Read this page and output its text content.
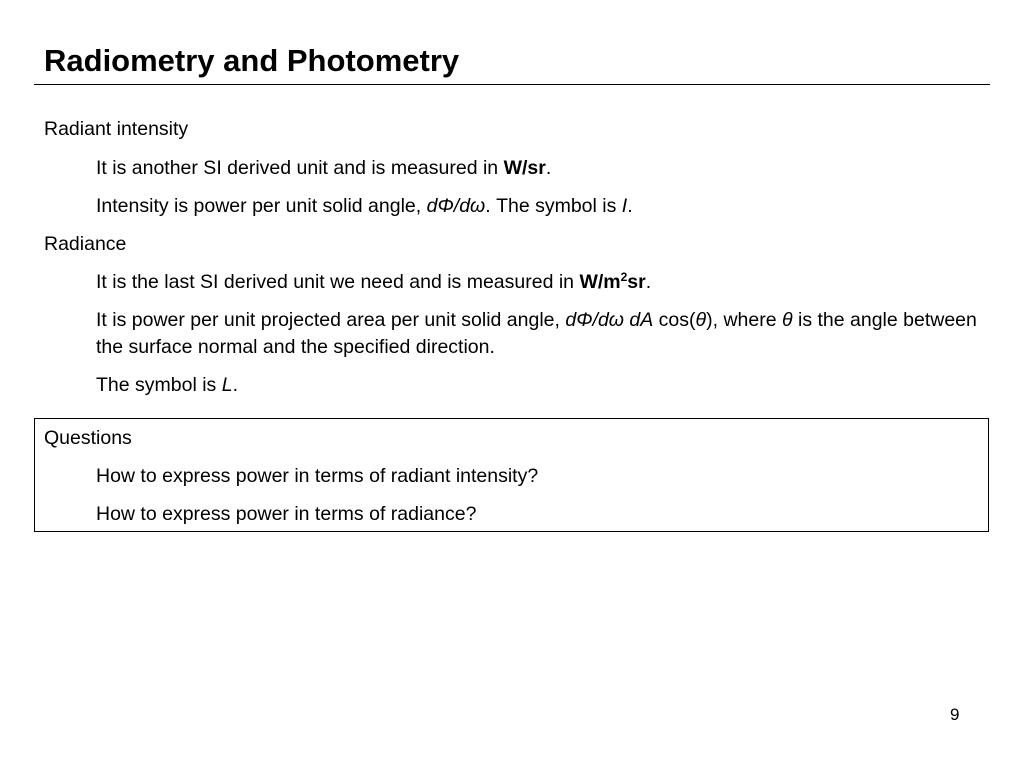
Radiometry and Photometry

Radiant intensity

It is another SI derived unit and is measured in W/sr.

Intensity is power per unit solid angle, dΦ/dω. The symbol is I.

Radiance

It is the last SI derived unit we need and is measured in $W/m^2sr$.

It is power per unit projected area per unit solid angle, dΦ/dω dA cos(θ), where θ is the angle between the surface normal and the specified direction.

The symbol is L.

Questions

How to express power in terms of radiant intensity?

How to express power in terms of radiance?

9
